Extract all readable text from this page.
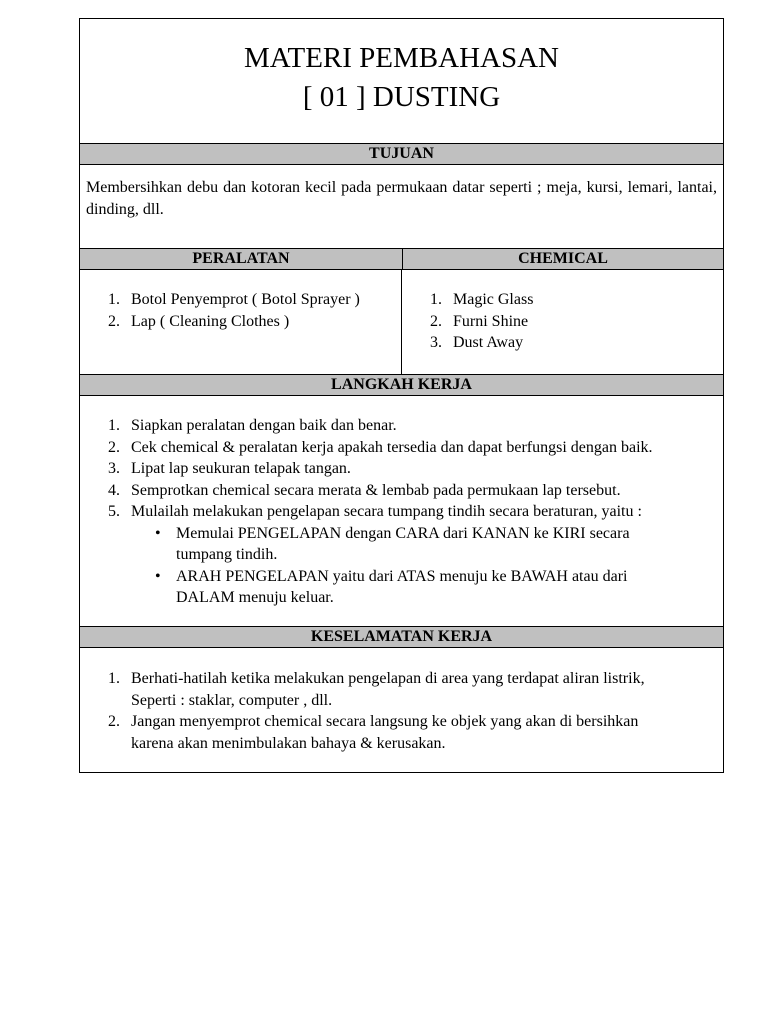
MATERI PEMBAHASAN
[ 01 ] DUSTING
TUJUAN
Membersihkan debu dan kotoran kecil pada permukaan datar seperti ; meja, kursi, lemari, lantai, dinding, dll.
PERALATAN	CHEMICAL
1. Botol Penyemprot ( Botol Sprayer )
2. Lap ( Cleaning Clothes )
1. Magic Glass
2. Furni Shine
3. Dust Away
LANGKAH KERJA
1. Siapkan peralatan dengan baik dan benar.
2. Cek chemical & peralatan kerja apakah tersedia dan dapat berfungsi dengan baik.
3. Lipat lap seukuran telapak tangan.
4. Semprotkan chemical secara merata & lembab pada permukaan lap tersebut.
5. Mulailah melakukan pengelapan secara tumpang tindih secara beraturan, yaitu :
• Memulai PENGELAPAN dengan CARA dari KANAN ke KIRI secara
tumpang tindih.
• ARAH PENGELAPAN yaitu dari ATAS menuju ke BAWAH atau dari
DALAM menuju keluar.
KESELAMATAN KERJA
1. Berhati-hatilah ketika melakukan pengelapan di area yang terdapat aliran listrik,
Seperti : staklar, computer , dll.
2. Jangan menyemprot chemical secara langsung ke objek yang akan di bersihkan
karena akan menimbulakan bahaya & kerusakan.
